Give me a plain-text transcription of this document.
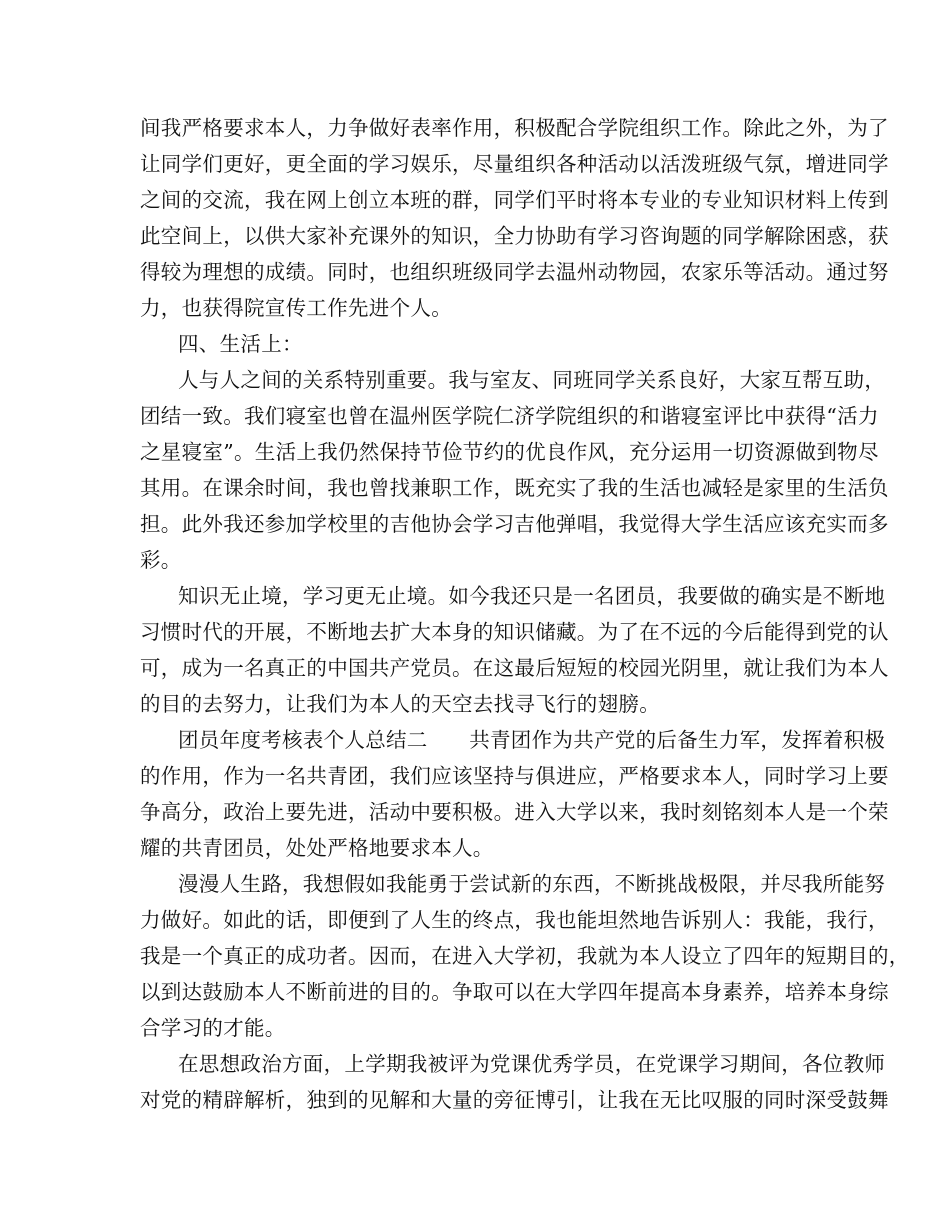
间我严格要求本人，力争做好表率作用，积极配合学院组织工作。除此之外，为了
让同学们更好，更全面的学习娱乐，尽量组织各种活动以活泼班级气氛，增进同学
之间的交流，我在网上创立本班的群，同学们平时将本专业的专业知识材料上传到
此空间上，以供大家补充课外的知识，全力协助有学习咨询题的同学解除困惑，获
得较为理想的成绩。同时，也组织班级同学去温州动物园，农家乐等活动。通过努
力，也获得院宣传工作先进个人。
四、生活上：
人与人之间的关系特别重要。我与室友、同班同学关系良好，大家互帮互助，
团结一致。我们寝室也曾在温州医学院仁济学院组织的和谐寝室评比中获得“活力
之星寝室”。生活上我仍然保持节俭节约的优良作风，充分运用一切资源做到物尽
其用。在课余时间，我也曾找兼职工作，既充实了我的生活也减轻是家里的生活负
担。此外我还参加学校里的吉他协会学习吉他弹唱，我觉得大学生活应该充实而多
彩。
知识无止境，学习更无止境。如今我还只是一名团员，我要做的确实是不断地
习惯时代的开展，不断地去扩大本身的知识储藏。为了在不远的今后能得到党的认
可，成为一名真正的中国共产党员。在这最后短短的校园光阴里，就让我们为本人
的目的去努力，让我们为本人的天空去找寻飞行的翅膀。
团员年度考核表个人总结二　　共青团作为共产党的后备生力军，发挥着积极
的作用，作为一名共青团，我们应该坚持与俱进应，严格要求本人，同时学习上要
争高分，政治上要先进，活动中要积极。进入大学以来，我时刻铭刻本人是一个荣
耀的共青团员，处处严格地要求本人。
漫漫人生路，我想假如我能勇于尝试新的东西，不断挑战极限，并尽我所能努
力做好。如此的话，即便到了人生的终点，我也能坦然地告诉别人：我能，我行，
我是一个真正的成功者。因而，在进入大学初，我就为本人设立了四年的短期目的，
以到达鼓励本人不断前进的目的。争取可以在大学四年提高本身素养，培养本身综
合学习的才能。
在思想政治方面，上学期我被评为党课优秀学员，在党课学习期间，各位教师
对党的精辟解析，独到的见解和大量的旁征博引，让我在无比叹服的同时深受鼓舞
